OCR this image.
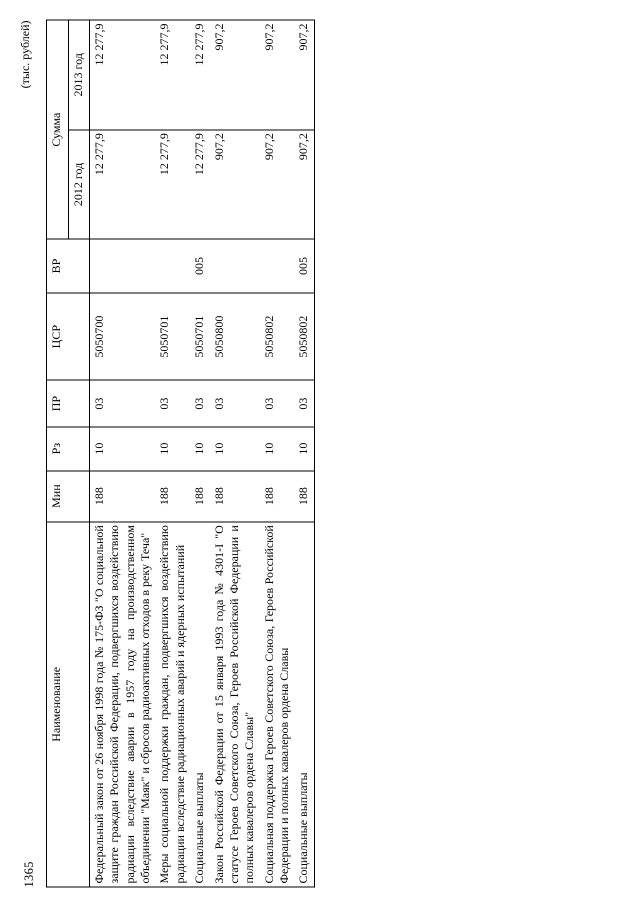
1365
(тыс. рублей)
Наименование	Мин	Рз	ПР	ЦСР	ВР	Сумма	
						2012 год	2013 год
Федеральный закон от 26 ноября 1998 года № 175-ФЗ "О социальной защите граждан Российской Федерации, подвергшихся воздействию радиации вследствие аварии в 1957 году на производственном объединении "Маяк" и сбросов радиоактивных отходов в реку Теча"	188	10	03	5050700		12 277,9	12 277,9
Меры социальной поддержки граждан, подвергшихся воздействию радиации вследствие радиационных аварий и ядерных испытаний	188	10	03	5050701		12 277,9	12 277,9
Социальные выплаты	188	10	03	5050701	005	12 277,9	12 277,9
Закон Российской Федерации от 15 января 1993 года № 4301-I "О статусе Героев Советского Союза, Героев Российской Федерации и полных кавалеров ордена Славы"	188	10	03	5050800		907,2	907,2
Социальная поддержка Героев Советского Союза, Героев Российской Федерации и полных кавалеров ордена Славы	188	10	03	5050802		907,2	907,2
Социальные выплаты	188	10	03	5050802	005	907,2	907,2
